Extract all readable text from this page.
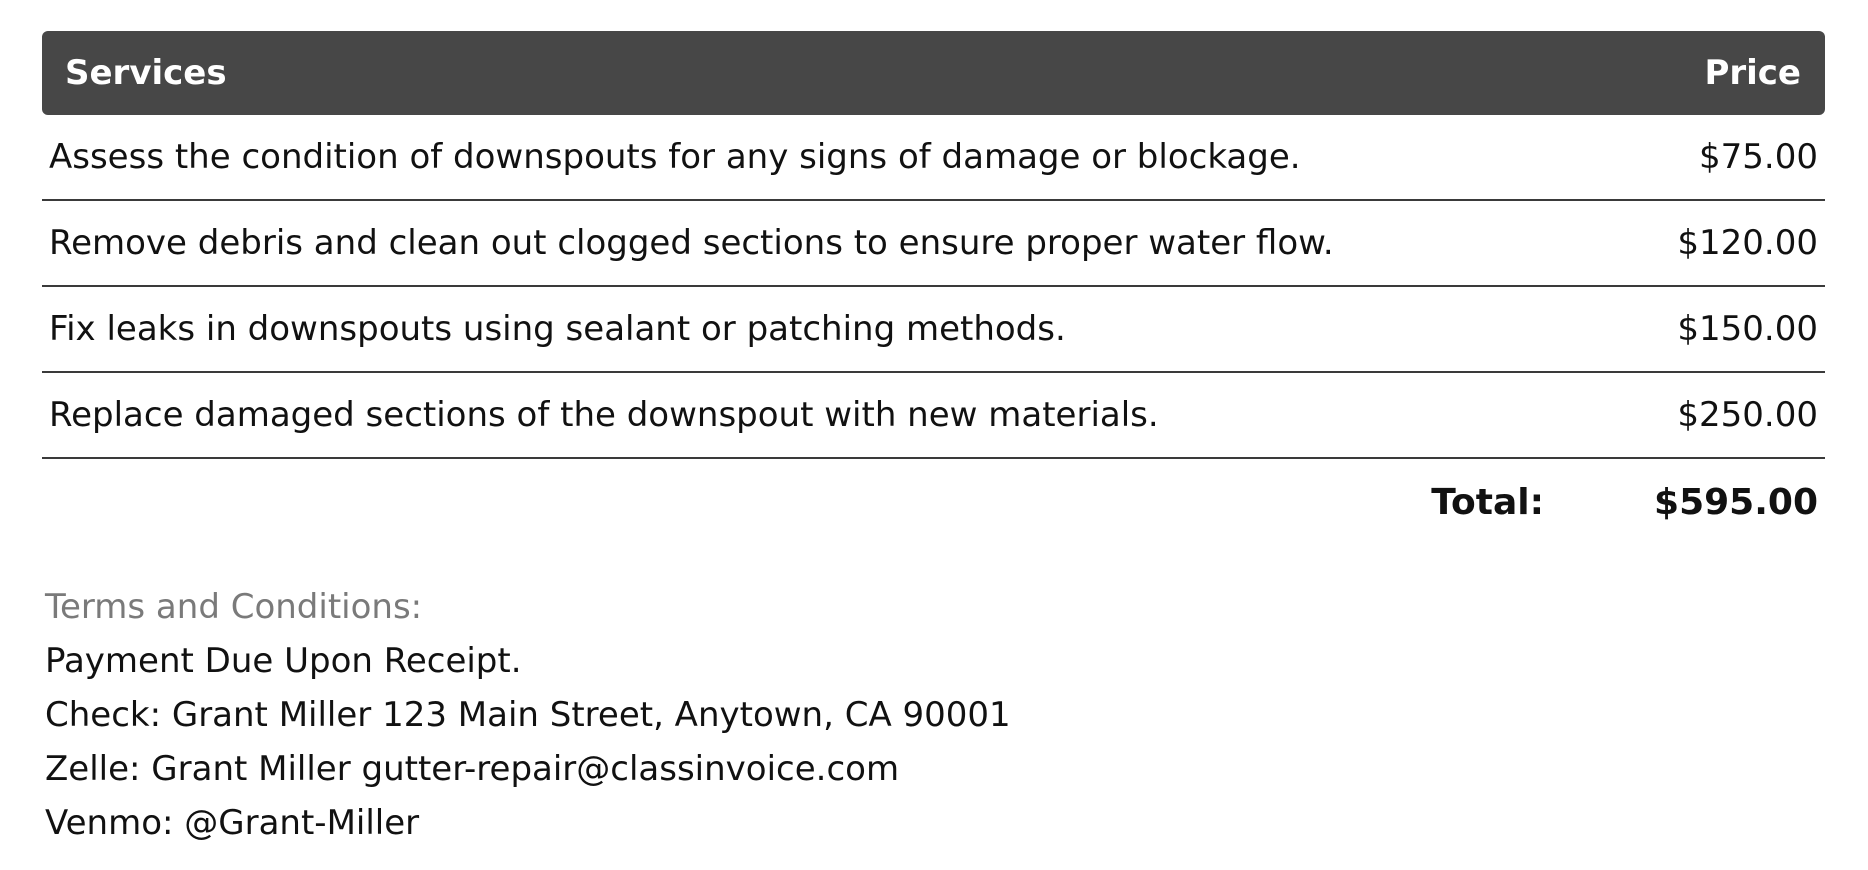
Services	Price
Assess the condition of downspouts for any signs of damage or blockage.	$75.00
Remove debris and clean out clogged sections to ensure proper water flow.	$120.00
Fix leaks in downspouts using sealant or patching methods.	$150.00
Replace damaged sections of the downspout with new materials.	$250.00
Total:	$595.00
Terms and Conditions:
Payment Due Upon Receipt.
Check: Grant Miller 123 Main Street, Anytown, CA 90001
Zelle: Grant Miller gutter-repair@classinvoice.com
Venmo: @Grant-Miller
